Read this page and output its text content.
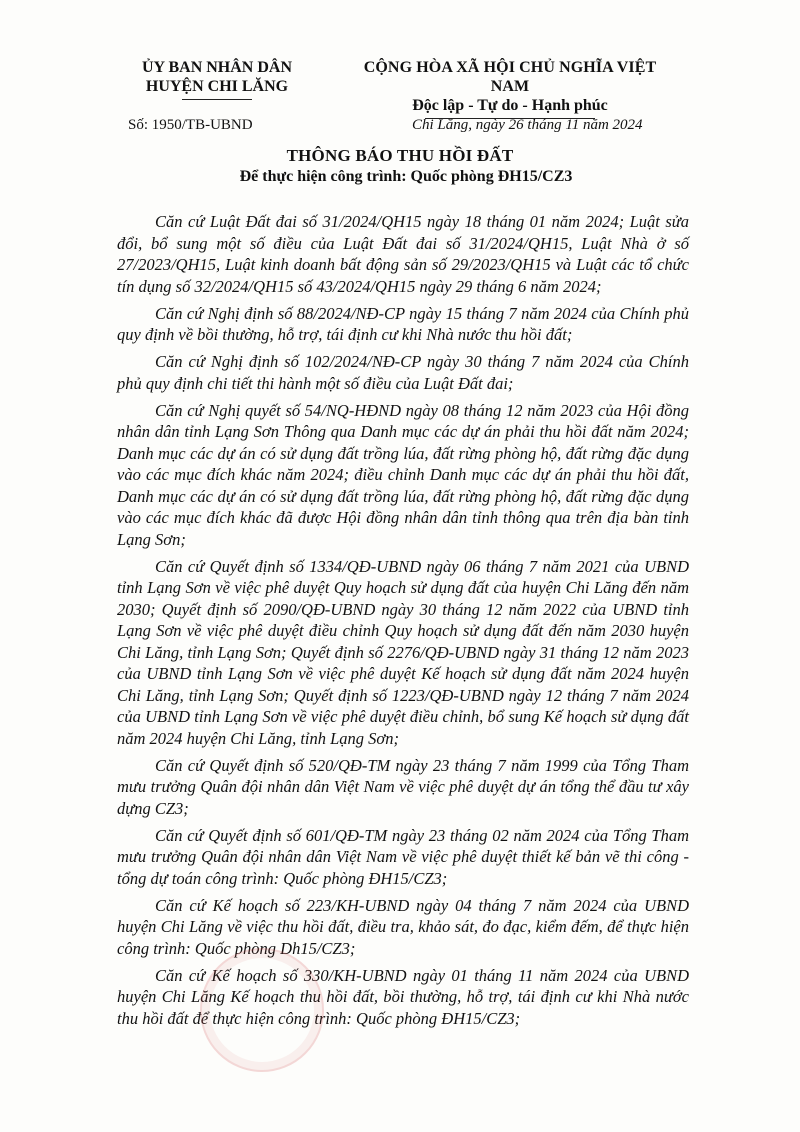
ỦY BAN NHÂN DÂN
HUYỆN CHI LĂNG
CỘNG HÒA XÃ HỘI CHỦ NGHĨA VIỆT NAM
Độc lập - Tự do - Hạnh phúc
Số: 1950/TB-UBND	Chi Lăng, ngày 26 tháng 11 năm 2024
THÔNG BÁO THU HỒI ĐẤT
Để thực hiện công trình: Quốc phòng ĐH15/CZ3

Căn cứ Luật Đất đai số 31/2024/QH15 ngày 18 tháng 01 năm 2024; Luật sửa đổi, bổ sung một số điều của Luật Đất đai số 31/2024/QH15, Luật Nhà ở số 27/2023/QH15, Luật kinh doanh bất động sản số 29/2023/QH15 và Luật các tổ chức tín dụng số 32/2024/QH15 số 43/2024/QH15 ngày 29 tháng 6 năm 2024;

Căn cứ Nghị định số 88/2024/NĐ-CP ngày 15 tháng 7 năm 2024 của Chính phủ quy định về bồi thường, hỗ trợ, tái định cư khi Nhà nước thu hồi đất;

Căn cứ Nghị định số 102/2024/NĐ-CP ngày 30 tháng 7 năm 2024 của Chính phủ quy định chi tiết thi hành một số điều của Luật Đất đai;

Căn cứ Nghị quyết số 54/NQ-HĐND ngày 08 tháng 12 năm 2023 của Hội đồng nhân dân tỉnh Lạng Sơn Thông qua Danh mục các dự án phải thu hồi đất năm 2024; Danh mục các dự án có sử dụng đất trồng lúa, đất rừng phòng hộ, đất rừng đặc dụng vào các mục đích khác năm 2024; điều chỉnh Danh mục các dự án phải thu hồi đất, Danh mục các dự án có sử dụng đất trồng lúa, đất rừng phòng hộ, đất rừng đặc dụng vào các mục đích khác đã được Hội đồng nhân dân tỉnh thông qua trên địa bàn tỉnh Lạng Sơn;

Căn cứ Quyết định số 1334/QĐ-UBND ngày 06 tháng 7 năm 2021 của UBND tỉnh Lạng Sơn về việc phê duyệt Quy hoạch sử dụng đất của huyện Chi Lăng đến năm 2030; Quyết định số 2090/QĐ-UBND ngày 30 tháng 12 năm 2022 của UBND tỉnh Lạng Sơn về việc phê duyệt điều chỉnh Quy hoạch sử dụng đất đến năm 2030 huyện Chi Lăng, tỉnh Lạng Sơn; Quyết định số 2276/QĐ-UBND ngày 31 tháng 12 năm 2023 của UBND tỉnh Lạng Sơn về việc phê duyệt Kế hoạch sử dụng đất năm 2024 huyện Chi Lăng, tỉnh Lạng Sơn; Quyết định số 1223/QĐ-UBND ngày 12 tháng 7 năm 2024 của UBND tỉnh Lạng Sơn về việc phê duyệt điều chỉnh, bổ sung Kế hoạch sử dụng đất năm 2024 huyện Chi Lăng, tỉnh Lạng Sơn;

Căn cứ Quyết định số 520/QĐ-TM ngày 23 tháng 7 năm 1999 của Tổng Tham mưu trưởng Quân đội nhân dân Việt Nam về việc phê duyệt dự án tổng thể đầu tư xây dựng CZ3;

Căn cứ Quyết định số 601/QĐ-TM ngày 23 tháng 02 năm 2024 của Tổng Tham mưu trưởng Quân đội nhân dân Việt Nam về việc phê duyệt thiết kế bản vẽ thi công - tổng dự toán công trình: Quốc phòng ĐH15/CZ3;

Căn cứ Kế hoạch số 223/KH-UBND ngày 04 tháng 7 năm 2024 của UBND huyện Chi Lăng về việc thu hồi đất, điều tra, khảo sát, đo đạc, kiểm đếm, để thực hiện công trình: Quốc phòng Dh15/CZ3;

Căn cứ Kế hoạch số 330/KH-UBND ngày 01 tháng 11 năm 2024 của UBND huyện Chi Lăng Kế hoạch thu hồi đất, bồi thường, hỗ trợ, tái định cư khi Nhà nước thu hồi đất để thực hiện công trình: Quốc phòng ĐH15/CZ3;
